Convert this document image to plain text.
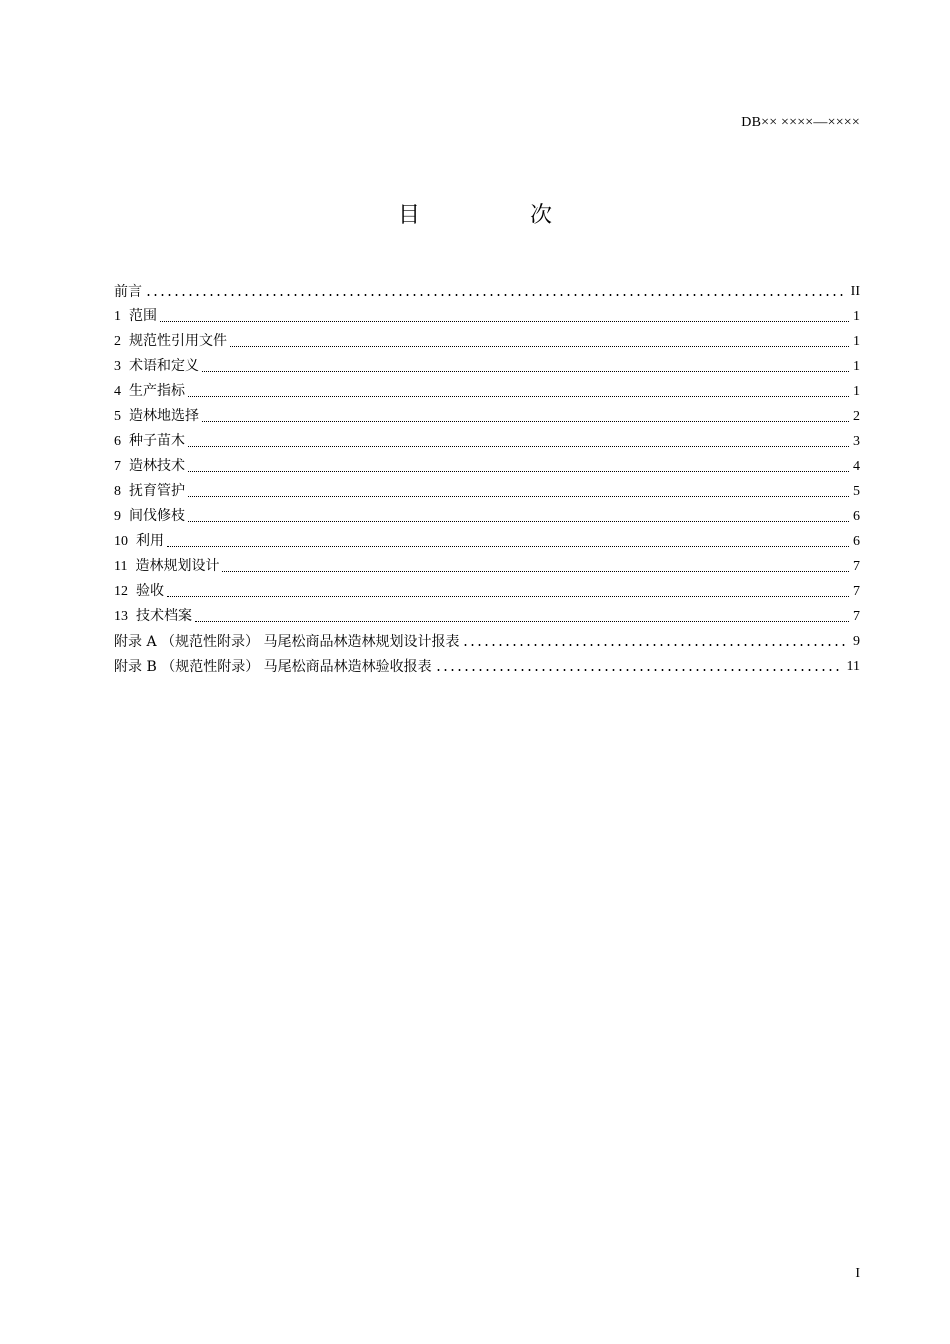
DB×× ××××—××××
目　次
前言	II
1 范围	1
2 规范性引用文件	1
3 术语和定义	1
4 生产指标	1
5 造林地选择	2
6 种子苗木	3
7 造林技术	4
8 抚育管护	5
9 间伐修枝	6
10 利用	6
11 造林规划设计	7
12 验收	7
13 技术档案	7
附录 A （规范性附录） 马尾松商品林造林规划设计报表	9
附录 B （规范性附录） 马尾松商品林造林验收报表	11
I
